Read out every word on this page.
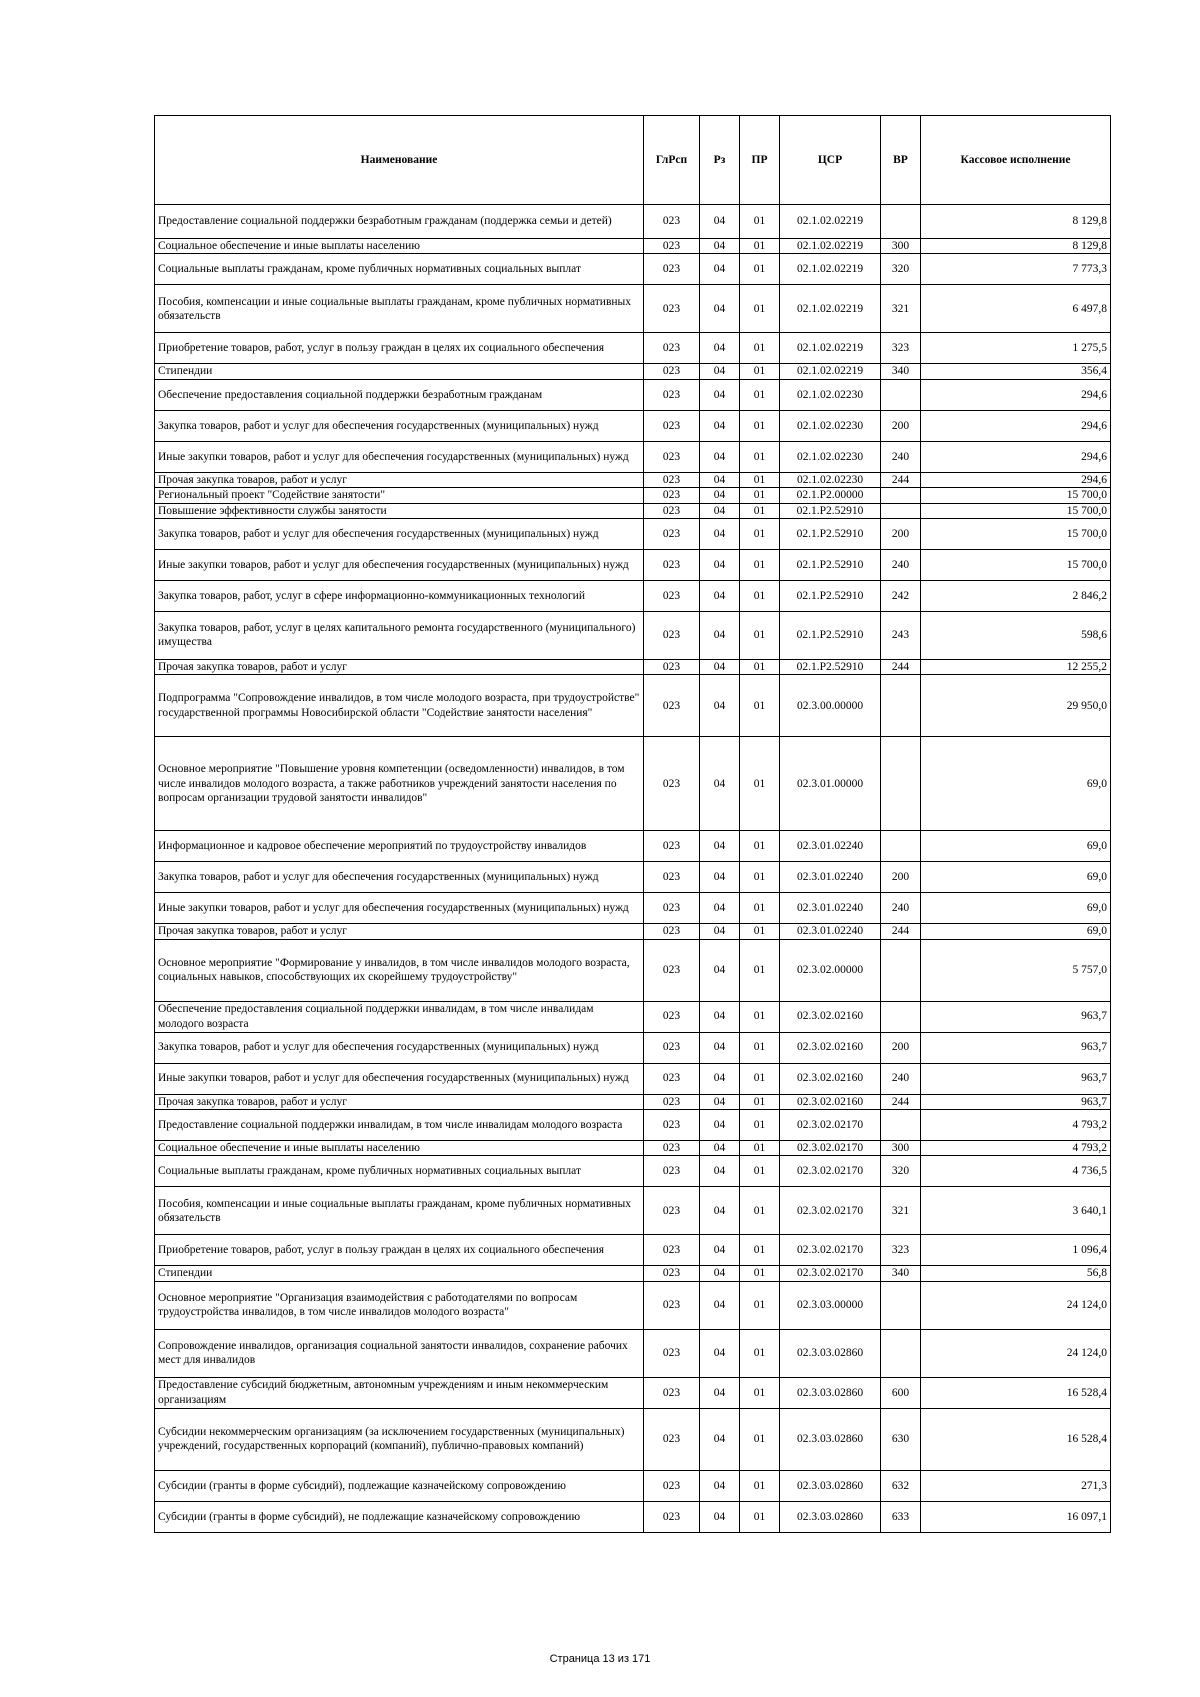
Наименование	ГлРсп	Рз	ПР	ЦСР	ВР	Кассовое исполнение
Предоставление социальной поддержки безработным гражданам (поддержка семьи и детей)	023	04	01	02.1.02.02219		8 129,8
Социальное обеспечение и иные выплаты населению	023	04	01	02.1.02.02219	300	8 129,8
Социальные выплаты гражданам, кроме публичных нормативных социальных выплат	023	04	01	02.1.02.02219	320	7 773,3
Пособия, компенсации и иные социальные выплаты гражданам, кроме публичных нормативных обязательств	023	04	01	02.1.02.02219	321	6 497,8
Приобретение товаров, работ, услуг в пользу граждан в целях их социального обеспечения	023	04	01	02.1.02.02219	323	1 275,5
Стипендии	023	04	01	02.1.02.02219	340	356,4
Обеспечение предоставления социальной поддержки безработным гражданам	023	04	01	02.1.02.02230		294,6
Закупка товаров, работ и услуг для обеспечения государственных (муниципальных) нужд	023	04	01	02.1.02.02230	200	294,6
Иные закупки товаров, работ и услуг для обеспечения государственных (муниципальных) нужд	023	04	01	02.1.02.02230	240	294,6
Прочая закупка товаров, работ и услуг	023	04	01	02.1.02.02230	244	294,6
Региональный проект "Содействие занятости"	023	04	01	02.1.P2.00000		15 700,0
Повышение эффективности службы занятости	023	04	01	02.1.P2.52910		15 700,0
Закупка товаров, работ и услуг для обеспечения государственных (муниципальных) нужд	023	04	01	02.1.P2.52910	200	15 700,0
Иные закупки товаров, работ и услуг для обеспечения государственных (муниципальных) нужд	023	04	01	02.1.P2.52910	240	15 700,0
Закупка товаров, работ, услуг в сфере информационно-коммуникационных технологий	023	04	01	02.1.P2.52910	242	2 846,2
Закупка товаров, работ, услуг в целях капитального ремонта государственного (муниципального) имущества	023	04	01	02.1.P2.52910	243	598,6
Прочая закупка товаров, работ и услуг	023	04	01	02.1.P2.52910	244	12 255,2
Подпрограмма "Сопровождение инвалидов, в том числе молодого возраста, при трудоустройстве" государственной программы Новосибирской области "Содействие занятости населения"	023	04	01	02.3.00.00000		29 950,0
Основное мероприятие "Повышение уровня компетенции (осведомленности) инвалидов, в том числе инвалидов молодого возраста, а также работников учреждений занятости населения по вопросам организации трудовой занятости инвалидов"	023	04	01	02.3.01.00000		69,0
Информационное и кадровое обеспечение мероприятий по трудоустройству инвалидов	023	04	01	02.3.01.02240		69,0
Закупка товаров, работ и услуг для обеспечения государственных (муниципальных) нужд	023	04	01	02.3.01.02240	200	69,0
Иные закупки товаров, работ и услуг для обеспечения государственных (муниципальных) нужд	023	04	01	02.3.01.02240	240	69,0
Прочая закупка товаров, работ и услуг	023	04	01	02.3.01.02240	244	69,0
Основное мероприятие "Формирование у инвалидов, в том числе инвалидов молодого возраста, социальных навыков, способствующих их скорейшему трудоустройству"	023	04	01	02.3.02.00000		5 757,0
Обеспечение предоставления социальной поддержки инвалидам, в том числе инвалидам молодого возраста	023	04	01	02.3.02.02160		963,7
Закупка товаров, работ и услуг для обеспечения государственных (муниципальных) нужд	023	04	01	02.3.02.02160	200	963,7
Иные закупки товаров, работ и услуг для обеспечения государственных (муниципальных) нужд	023	04	01	02.3.02.02160	240	963,7
Прочая закупка товаров, работ и услуг	023	04	01	02.3.02.02160	244	963,7
Предоставление социальной поддержки инвалидам, в том числе инвалидам молодого возраста	023	04	01	02.3.02.02170		4 793,2
Социальное обеспечение и иные выплаты населению	023	04	01	02.3.02.02170	300	4 793,2
Социальные выплаты гражданам, кроме публичных нормативных социальных выплат	023	04	01	02.3.02.02170	320	4 736,5
Пособия, компенсации и иные социальные выплаты гражданам, кроме публичных нормативных обязательств	023	04	01	02.3.02.02170	321	3 640,1
Приобретение товаров, работ, услуг в пользу граждан в целях их социального обеспечения	023	04	01	02.3.02.02170	323	1 096,4
Стипендии	023	04	01	02.3.02.02170	340	56,8
Основное мероприятие "Организация взаимодействия с работодателями по вопросам трудоустройства инвалидов, в том числе инвалидов молодого возраста"	023	04	01	02.3.03.00000		24 124,0
Сопровождение инвалидов, организация социальной занятости инвалидов, сохранение рабочих мест для инвалидов	023	04	01	02.3.03.02860		24 124,0
Предоставление субсидий бюджетным, автономным учреждениям и иным некоммерческим организациям	023	04	01	02.3.03.02860	600	16 528,4
Субсидии некоммерческим организациям (за исключением государственных (муниципальных) учреждений, государственных корпораций (компаний), публично-правовых компаний)	023	04	01	02.3.03.02860	630	16 528,4
Субсидии (гранты в форме субсидий), подлежащие казначейскому сопровождению	023	04	01	02.3.03.02860	632	271,3
Субсидии (гранты в форме субсидий), не подлежащие казначейскому сопровождению	023	04	01	02.3.03.02860	633	16 097,1
Страница 13 из 171
